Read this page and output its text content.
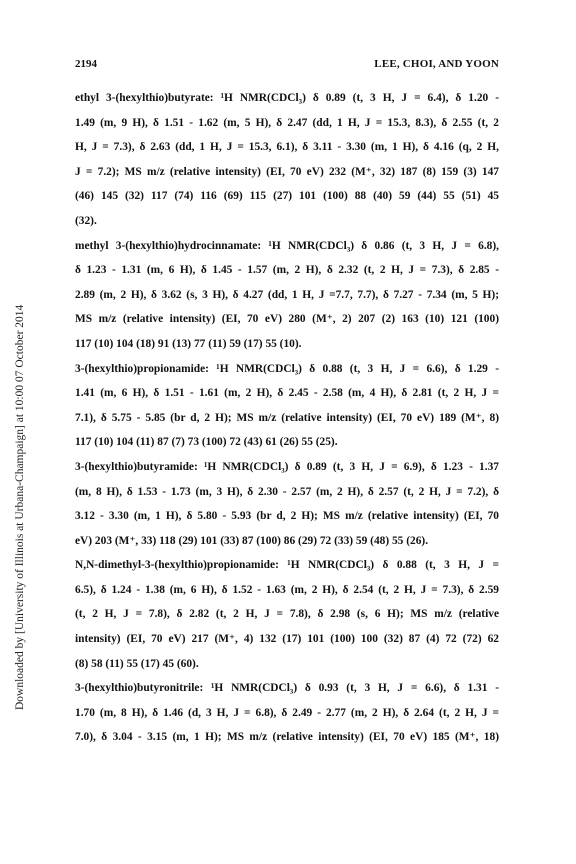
Downloaded by [University of Illinois at Urbana-Champaign] at 10:00 07 October 2014
2194	LEE, CHOI, AND YOON
ethyl 3-(hexylthio)butyrate: ¹H NMR(CDCl₃) δ 0.89 (t, 3 H, J = 6.4), δ 1.20 -
1.49 (m, 9 H), δ 1.51 - 1.62 (m, 5 H), δ 2.47 (dd, 1 H, J = 15.3, 8.3), δ 2.55 (t, 2
H, J = 7.3), δ 2.63 (dd, 1 H, J = 15.3, 6.1), δ 3.11 - 3.30 (m, 1 H), δ 4.16 (q, 2 H,
J = 7.2); MS m/z (relative intensity) (EI, 70 eV) 232 (M⁺, 32) 187 (8) 159 (3) 147
(46) 145 (32) 117 (74) 116 (69) 115 (27) 101 (100) 88 (40) 59 (44) 55 (51) 45
(32).
methyl 3-(hexylthio)hydrocinnamate: ¹H NMR(CDCl₃) δ 0.86 (t, 3 H, J = 6.8),
δ 1.23 - 1.31 (m, 6 H), δ 1.45 - 1.57 (m, 2 H), δ 2.32 (t, 2 H, J = 7.3), δ 2.85 -
2.89 (m, 2 H), δ 3.62 (s, 3 H), δ 4.27 (dd, 1 H, J =7.7, 7.7), δ 7.27 - 7.34 (m, 5 H);
MS m/z (relative intensity) (EI, 70 eV) 280 (M⁺, 2) 207 (2) 163 (10) 121 (100)
117 (10) 104 (18) 91 (13) 77 (11) 59 (17) 55 (10).
3-(hexylthio)propionamide: ¹H NMR(CDCl₃) δ 0.88 (t, 3 H, J = 6.6), δ 1.29 -
1.41 (m, 6 H), δ 1.51 - 1.61 (m, 2 H), δ 2.45 - 2.58 (m, 4 H), δ 2.81 (t, 2 H, J =
7.1), δ 5.75 - 5.85 (br d, 2 H); MS m/z (relative intensity) (EI, 70 eV) 189 (M⁺, 8)
117 (10) 104 (11) 87 (7) 73 (100) 72 (43) 61 (26) 55 (25).
3-(hexylthio)butyramide: ¹H NMR(CDCl₃) δ 0.89 (t, 3 H, J = 6.9), δ 1.23 - 1.37
(m, 8 H), δ 1.53 - 1.73 (m, 3 H), δ 2.30 - 2.57 (m, 2 H), δ 2.57 (t, 2 H, J = 7.2), δ
3.12 - 3.30 (m, 1 H), δ 5.80 - 5.93 (br d, 2 H); MS m/z (relative intensity) (EI, 70
eV) 203 (M⁺, 33) 118 (29) 101 (33) 87 (100) 86 (29) 72 (33) 59 (48) 55 (26).
N,N-dimethyl-3-(hexylthio)propionamide: ¹H NMR(CDCl₃) δ 0.88 (t, 3 H, J =
6.5), δ 1.24 - 1.38 (m, 6 H), δ 1.52 - 1.63 (m, 2 H), δ 2.54 (t, 2 H, J = 7.3), δ 2.59
(t, 2 H, J = 7.8), δ 2.82 (t, 2 H, J = 7.8), δ 2.98 (s, 6 H); MS m/z (relative
intensity) (EI, 70 eV) 217 (M⁺, 4) 132 (17) 101 (100) 100 (32) 87 (4) 72 (72) 62
(8) 58 (11) 55 (17) 45 (60).
3-(hexylthio)butyronitrile: ¹H NMR(CDCl₃) δ 0.93 (t, 3 H, J = 6.6), δ 1.31 -
1.70 (m, 8 H), δ 1.46 (d, 3 H, J = 6.8), δ 2.49 - 2.77 (m, 2 H), δ 2.64 (t, 2 H, J =
7.0), δ 3.04 - 3.15 (m, 1 H); MS m/z (relative intensity) (EI, 70 eV) 185 (M⁺, 18)
